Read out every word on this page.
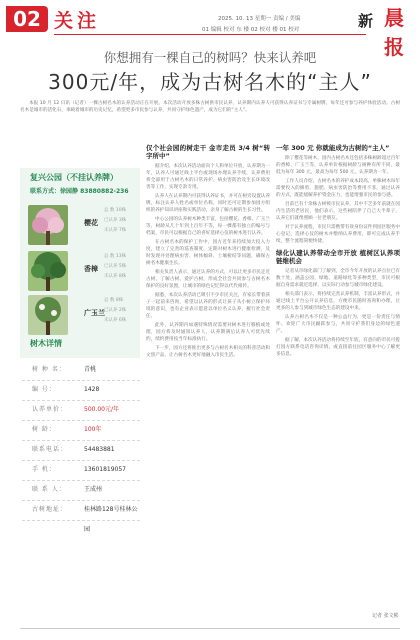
02 关注	2025. 10. 13 星期一 责编 / 美编
01 编辑 校对 东 楼 02 校对 楼 01 校对	新 晨报
你想拥有一棵自己的树吗？快来认养吧
300元/年，成为古树名木的“主人”

本报 10 月 12 日讯（记者）一棵古树名木的认养活动正在开展。本次活动开放多株古树供市民认养，认养期内认养人可获得认养证书与专属树牌，每年还可参与养护体验活动。古树名木是城市的活化石，承载着城市的历史记忆，希望更多市民参与认养，共同守护绿色遗产，成为它们的“主人”。

复兴公园（不挂认养牌）
联系方式：徐园静 83880882-236
樱花
总 数 10株
已认养 3株
未认养 7株
香樟
总 数 13株
已认养 5株
未认养 8株
广玉兰
总 数 8株
已认养 2株
未认养 6株
树木详情
树 种 名：	青桃
编 号：	1428
认养单价：	500.00元/年
树 龄：	100年
联系电话：	54483881
手 机：	13601819057
联 系 人：	王成州
古树地址：	桂林路128号桂林公园
仅个社会园的树走干 金市走员 3/4 树“转字所中”

据介绍，本次认养活动面向个人和单位开放，认养期为一年，认养人可通过线上平台或现场办理认养手续，认养费用将全部用于古树名木的日常养护、病虫害防治及生长环境改善等工作，实现专款专用。

认养人在认养期内可获得认养证书，并可在树旁设置认养牌，标注认养人姓名或单位名称，同时还可定期参加园方组织的养护知识讲座和实践活动，亲身了解古树的生长习性。

中心公园的认养树木种类丰富，包括樱花、香樟、广玉兰等，树龄从几十年到上百年不等，每一棵都有独立的编号与档案，市民可以根据自己的喜好选择心仪的树木进行认养。

在古树名木的保护工作中，园方近年来持续加大投入力度，建立了完善的巡查制度，定期对树木进行健康检测，及时发现并处理病虫害、树体倾斜、土壤板结等问题，确保古树名木健康生长。

相关负责人表示，通过认养的方式，可以让更多市民走近古树、了解古树、爱护古树，形成全社会共同参与古树名木保护的良好氛围，让城市的绿色记忆得以代代相传。

据悉，本次认养活动已吸引不少市民关注，有家长带着孩子一起前来咨询，希望以认养的形式让孩子从小树立保护环境的意识，也有企业表示愿意以单位名义认养，履行社会责任。

此外，认养期内如遇特殊情况需要对树木进行移植或处理，园方将及时通知认养人，认养期满后认养人可优先续约，续约费用按当年标准执行。

下一步，园方还将推出更多与古树名木相关的科普活动和文创产品，让古树名木更好地融入市民生活。

一年 300 元 你就能成为古树的“主人”

除了樱花等树木，园内古树名木还包括多株树龄超过百年的香樟、广玉兰等，认养单价根据树龄与树种有所不同，最低为每年 300 元，最高为每年 500 元，认养期为一年。

工作人员介绍，古树名木的养护成本较高，单株树木每年需要投入的修剪、施肥、病虫害防治等费用不菲，通过认养的方式，既能缓解养护资金压力，也能增强市民的参与感。

目前已有十余株古树被市民认养，其中不乏多年前就在园内生活的老居民，他们表示，这些树陪伴了自己大半辈子，认养它们就像照顾一位老朋友。

对于认养流程，市民只需携带有效身份证件到园区服务中心登记，选择心仪的树木并缴纳认养费用，即可完成认养手续，整个流程简便快捷。

绿化认建认养带动全市开放 植树区认养项链维机会

记者从市绿化部门了解到，全市今年开放的认养点位已有数十处，涵盖公园、绿地、道路绿化等多种类型，市民可根据自身需求就近选择，以实际行动参与城市绿化建设。

相关部门表示，将持续完善认养机制，丰富认养形式，并通过线上平台公开认养信息，方便市民随时查询和办理，让更多的人参与到城市绿色生态的建设中来。

认养古树名木不仅是一种公益行为，更是一份责任与情怀。欢迎广大市民踊跃参与，共同守护我们身边的绿色遗产。

据了解，本次认养活动将持续至年底，有意向的市民可拨打园方联系电话咨询详情，或直接前往园区服务中心了解更多信息。

记者 张文彬
